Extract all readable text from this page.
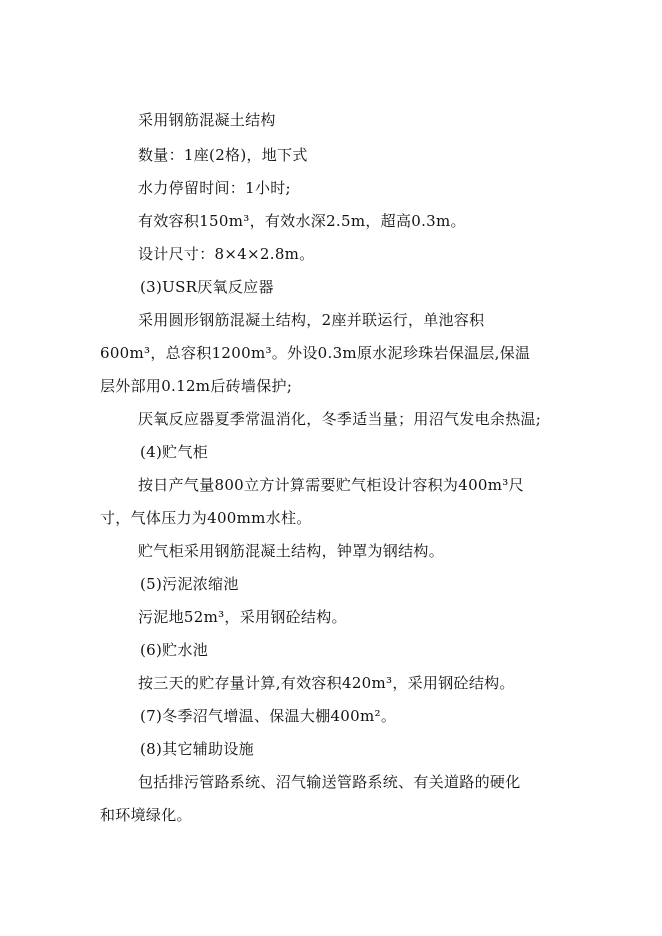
采用钢筋混凝土结构
数量：1座(2格)，地下式
水力停留时间：1小时;
有效容积150m³，有效水深2.5m，超高0.3m。
设计尺寸：8×4×2.8m。
(3)USR厌氧反应器
采用圆形钢筋混凝土结构，2座并联运行，单池容积
600m³，总容积1200m³。外设0.3m原水泥珍珠岩保温层,保温
层外部用0.12m后砖墙保护;
厌氧反应器夏季常温消化，冬季适当量；用沼气发电余热温;
(4)贮气柜
按日产气量800立方计算需要贮气柜设计容积为400m³尺
寸，气体压力为400mm水柱。
贮气柜采用钢筋混凝土结构，钟罩为钢结构。
(5)污泥浓缩池
污泥地52m³，采用钢砼结构。
(6)贮水池
按三天的贮存量计算,有效容积420m³，采用钢砼结构。
(7)冬季沼气增温、保温大棚400m²。
(8)其它辅助设施
包括排污管路系统、沼气输送管路系统、有关道路的硬化
和环境绿化。
